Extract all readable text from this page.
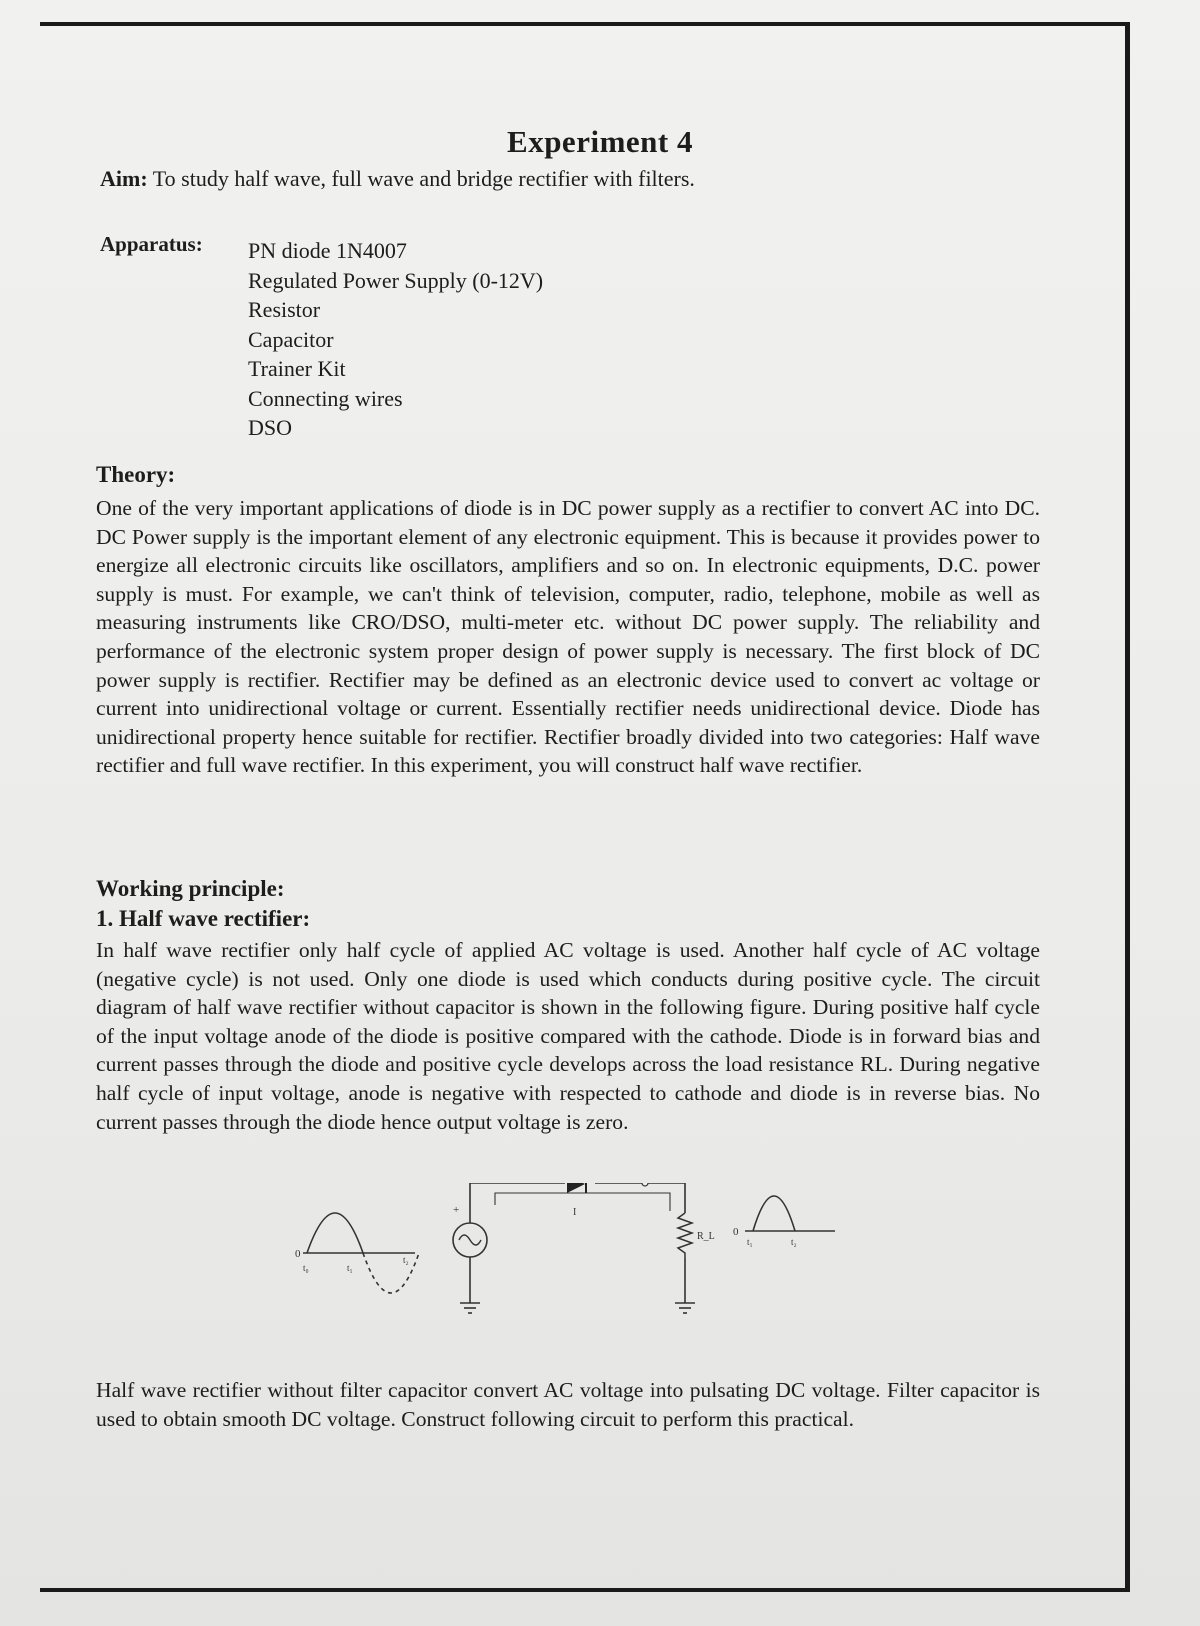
Experiment 4
Aim: To study half wave, full wave and bridge rectifier with filters.
Apparatus: PN diode 1N4007
Regulated Power Supply (0-12V)
Resistor
Capacitor
Trainer Kit
Connecting wires
DSO
Theory:

One of the very important applications of diode is in DC power supply as a rectifier to convert AC into DC. DC Power supply is the important element of any electronic equipment. This is because it provides power to energize all electronic circuits like oscillators, amplifiers and so on. In electronic equipments, D.C. power supply is must. For example, we can't think of television, computer, radio, telephone, mobile as well as measuring instruments like CRO/DSO, multi-meter etc. without DC power supply. The reliability and performance of the electronic system proper design of power supply is necessary. The first block of DC power supply is rectifier. Rectifier may be defined as an electronic device used to convert ac voltage or current into unidirectional voltage or current. Essentially rectifier needs unidirectional device. Diode has unidirectional property hence suitable for rectifier. Rectifier broadly divided into two categories: Half wave rectifier and full wave rectifier. In this experiment, you will construct half wave rectifier.

Working principle:
1. Half wave rectifier:

In half wave rectifier only half cycle of applied AC voltage is used. Another half cycle of AC voltage (negative cycle) is not used. Only one diode is used which conducts during positive cycle. The circuit diagram of half wave rectifier without capacitor is shown in the following figure. During positive half cycle of the input voltage anode of the diode is positive compared with the cathode. Diode is in forward bias and current passes through the diode and positive cycle develops across the load resistance RL. During negative half cycle of input voltage, anode is negative with respected to cathode and diode is in reverse bias. No current passes through the diode hence output voltage is zero.

0
t₀	t₁
t₂
+	I
R_L 0
t₁	t₂

Half wave rectifier without filter capacitor convert AC voltage into pulsating DC voltage. Filter capacitor is used to obtain smooth DC voltage. Construct following circuit to perform this practical.
